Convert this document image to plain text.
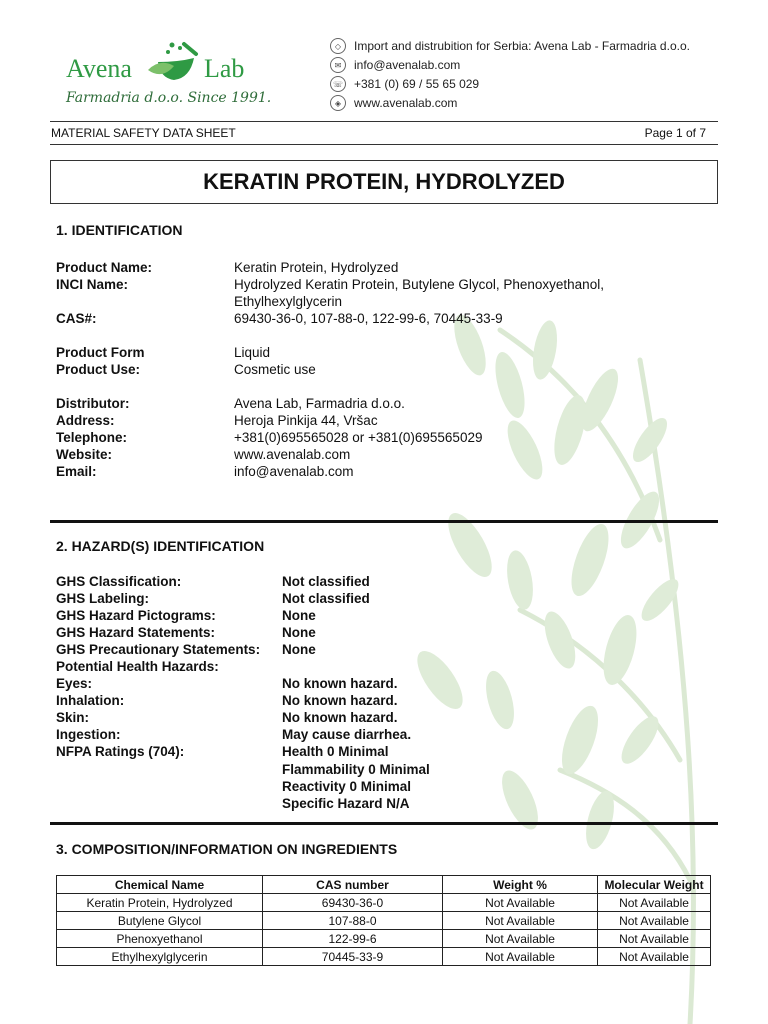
Avena	Lab
Farmadria d.o.o. Since 1991.
◇	Import and distrubition for Serbia: Avena Lab - Farmadria d.o.o.
✉	info@avenalab.com
☏ +381 (0) 69 / 55 65 029
◈	www.avenalab.com
MATERIAL SAFETY DATA SHEET	Page 1 of 7
KERATIN PROTEIN, HYDROLYZED
1. IDENTIFICATION
Product Name:	Keratin Protein, Hydrolyzed
INCI Name:	Hydrolyzed Keratin Protein, Butylene Glycol, Phenoxyethanol,
Ethylhexylglycerin
CAS#:	69430-36-0, 107-88-0, 122-99-6, 70445-33-9
Product Form	Liquid
Product Use:	Cosmetic use
Distributor:	Avena Lab, Farmadria d.o.o.
Address:	Heroja Pinkija 44, Vršac
Telephone:	+381(0)695565028 or +381(0)695565029
Website:	www.avenalab.com
Email:	info@avenalab.com
2. HAZARD(S) IDENTIFICATION
GHS Classification:	Not classified
GHS Labeling:	Not classified
GHS Hazard Pictograms:	None
GHS Hazard Statements:	None
GHS Precautionary Statements:	None
Potential Health Hazards:
Eyes:	No known hazard.
Inhalation:	No known hazard.
Skin:	No known hazard.
Ingestion:	May cause diarrhea.
NFPA Ratings (704):	Health 0 Minimal
Flammability 0 Minimal
Reactivity 0 Minimal
Specific Hazard N/A
3. COMPOSITION/INFORMATION ON INGREDIENTS
Chemical Name	CAS number	Weight %	Molecular Weight
Keratin Protein, Hydrolyzed	69430-36-0	Not Available	Not Available
Butylene Glycol	107-88-0	Not Available	Not Available
Phenoxyethanol	122-99-6	Not Available	Not Available
Ethylhexylglycerin	70445-33-9	Not Available	Not Available
